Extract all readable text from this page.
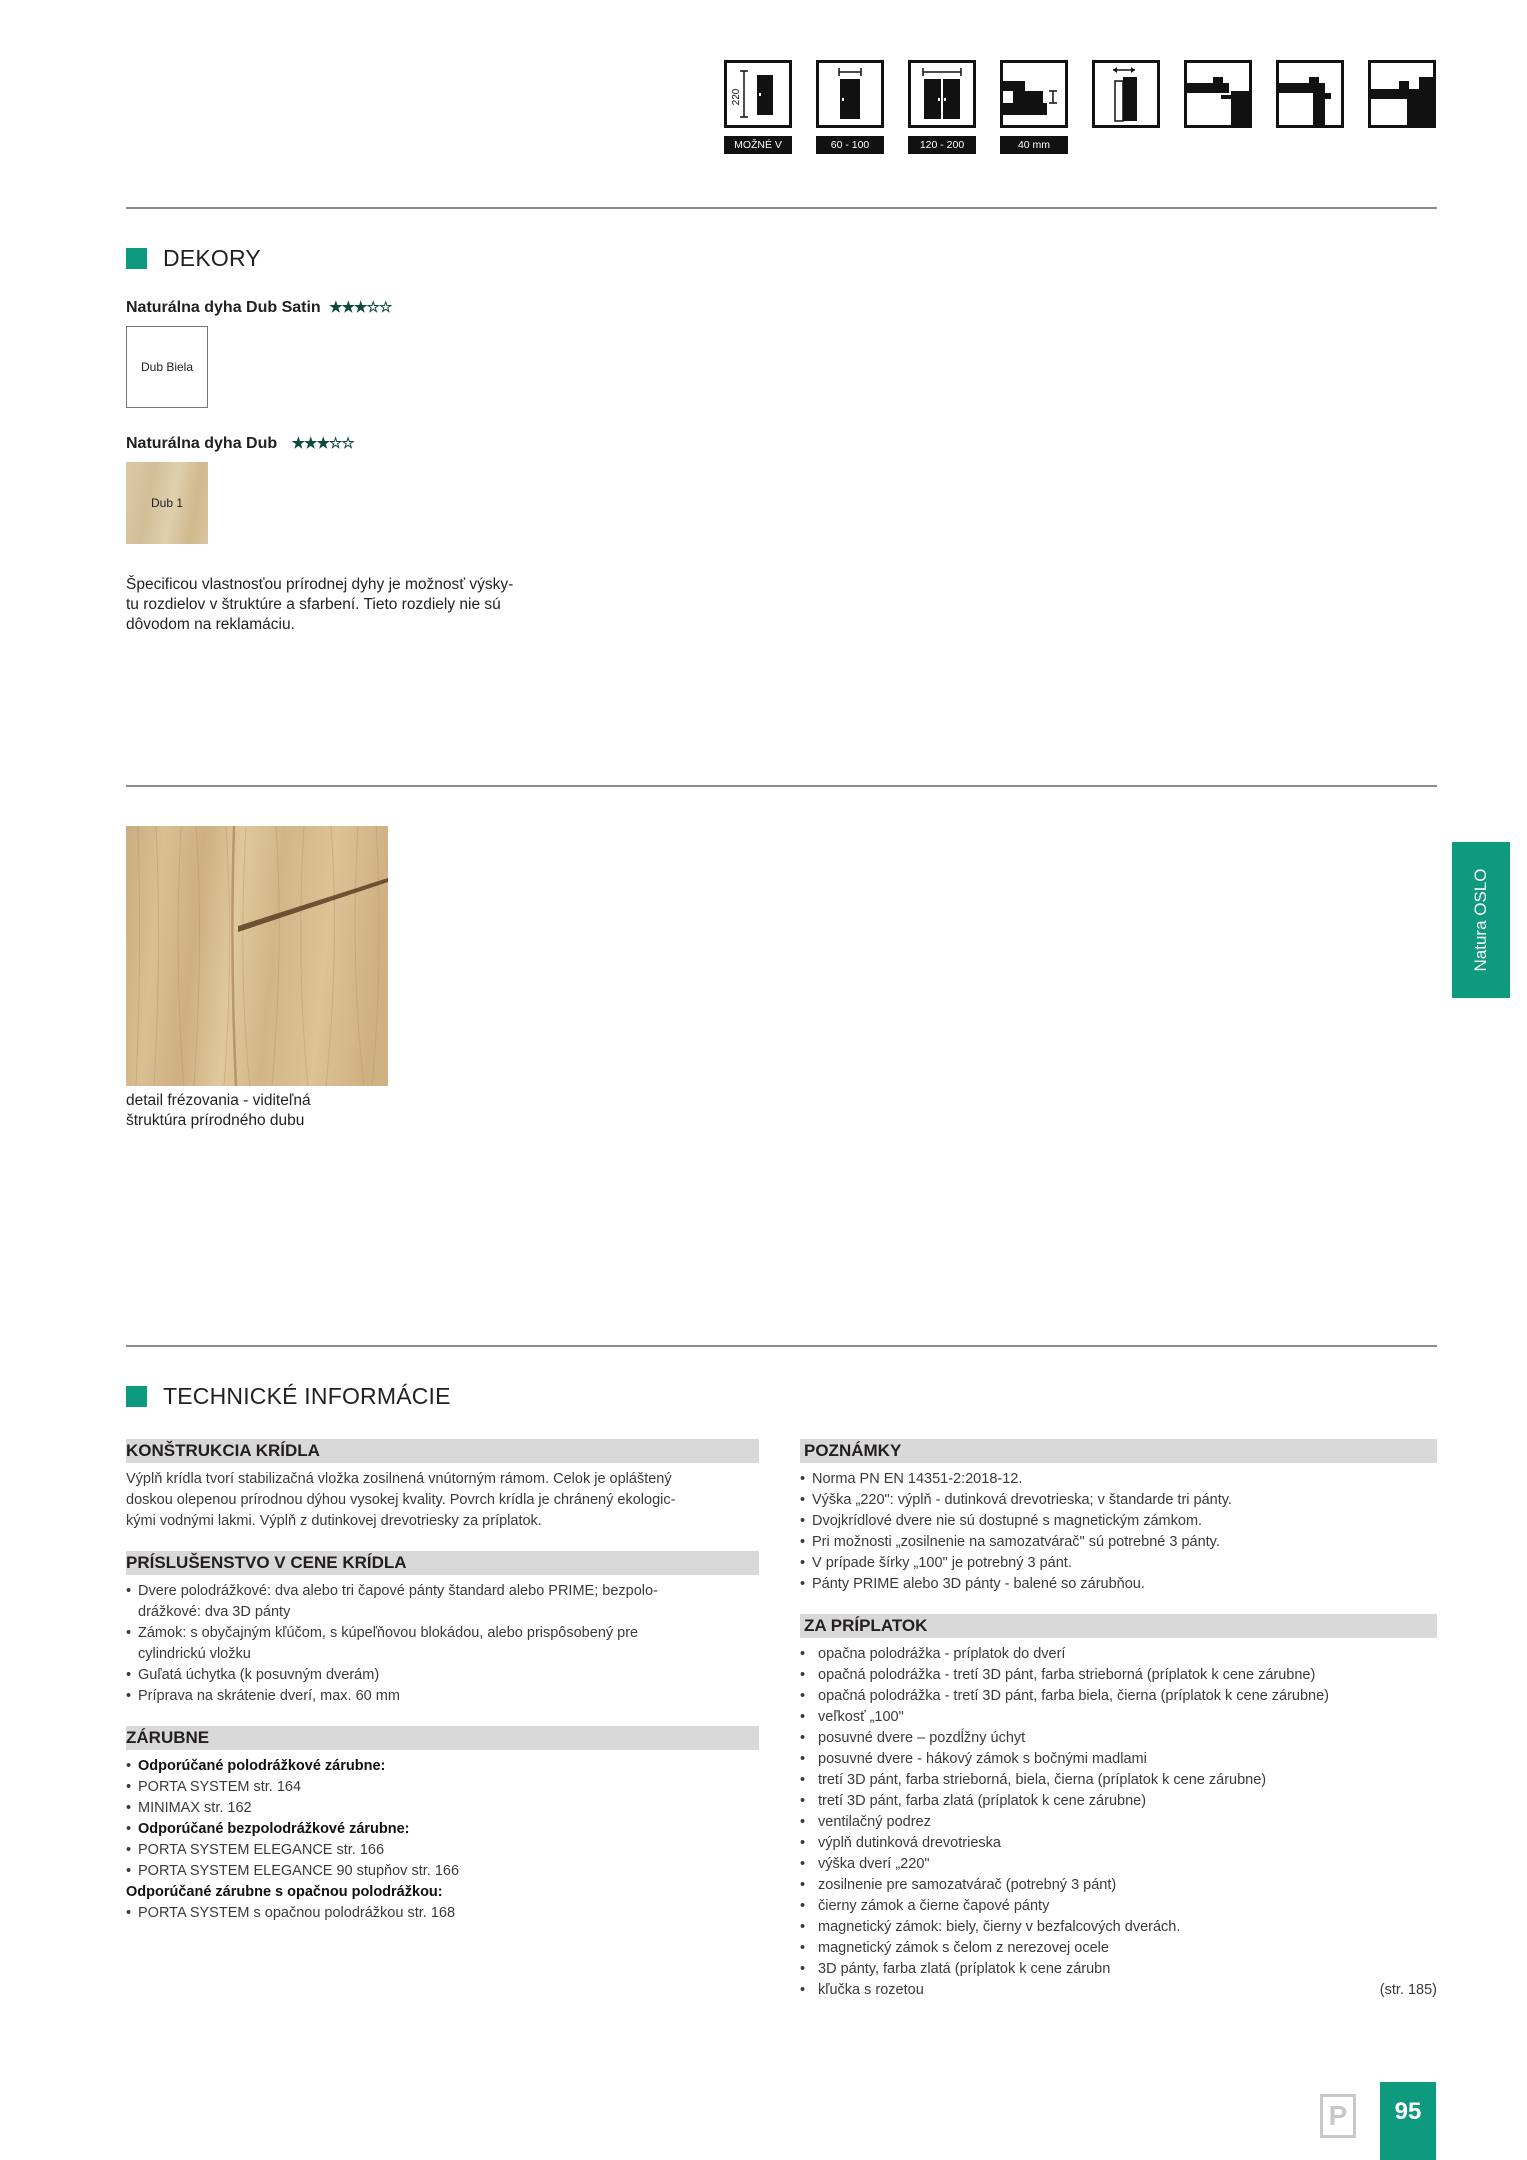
220
MOŽNÉ V 220
60 - 100	120 - 200	40 mm
DEKORY
Naturálna dyha Dub Satin ★★★☆☆
Dub Biela
Naturálna dyha Dub ★★★☆☆
Dub 1
Špecificou vlastnosťou prírodnej dyhy je možnosť výsky-
tu rozdielov v štruktúre a sfarbení. Tieto rozdiely nie sú
dôvodom na reklamáciu.
detail frézovania - viditeľná
štruktúra prírodného dubu
Natura OSLO
TECHNICKÉ INFORMÁCIE
KONŠTRUKCIA KRÍDLA
Výplň krídla tvorí stabilizačná vložka zosilnená vnútorným rámom. Celok je opláštený
doskou olepenou prírodnou dýhou vysokej kvality. Povrch krídla je chránený ekologic-
kými vodnými lakmi. Výplň z dutinkovej drevotriesky za príplatok.
PRÍSLUŠENSTVO V CENE KRÍDLA
• Dvere polodrážkové: dva alebo tri čapové pánty štandard alebo PRIME; bezpolo-
drážkové: dva 3D pánty
• Zámok: s obyčajným kľúčom, s kúpeľňovou blokádou, alebo prispôsobený pre
cylindrickú vložku
• Guľatá úchytka (k posuvným dverám)
• Príprava na skrátenie dverí, max. 60 mm
ZÁRUBNE
• Odporúčané polodrážkové zárubne:
• PORTA SYSTEM str. 164
• MINIMAX str. 162
• Odporúčané bezpolodrážkové zárubne:
• PORTA SYSTEM ELEGANCE str. 166
• PORTA SYSTEM ELEGANCE 90 stupňov str. 166
Odporúčané zárubne s opačnou polodrážkou:
• PORTA SYSTEM s opačnou polodrážkou str. 168
POZNÁMKY
• Norma PN EN 14351-2:2018-12.
• Výška „220": výplň - dutinková drevotrieska; v štandarde tri pánty.
• Dvojkrídlové dvere nie sú dostupné s magnetickým zámkom.
• Pri možnosti „zosilnenie na samozatvárač" sú potrebné 3 pánty.
• V prípade šírky „100" je potrebný 3 pánt.
• Pánty PRIME alebo 3D pánty - balené so zárubňou.
ZA PRÍPLATOK
• opačna polodrážka - príplatok do dverí
• opačná polodrážka - tretí 3D pánt, farba strieborná (príplatok k cene zárubne)
• opačná polodrážka - tretí 3D pánt, farba biela, čierna (príplatok k cene zárubne)
• veľkosť „100"
• posuvné dvere – pozdĺžny úchyt
• posuvné dvere - hákový zámok s bočnými madlami
• tretí 3D pánt, farba strieborná, biela, čierna (príplatok k cene zárubne)
• tretí 3D pánt, farba zlatá (príplatok k cene zárubne)
• ventilačný podrez
• výplň dutinková drevotrieska
• výška dverí „220"
• zosilnenie pre samozatvárač (potrebný 3 pánt)
• čierny zámok a čierne čapové pánty
• magnetický zámok: biely, čierny v bezfalcových dverách.
• magnetický zámok s čelom z nerezovej ocele
• 3D pánty, farba zlatá (príplatok k cene zárubn
• kľučka s rozetou	(str. 185)
P	95
